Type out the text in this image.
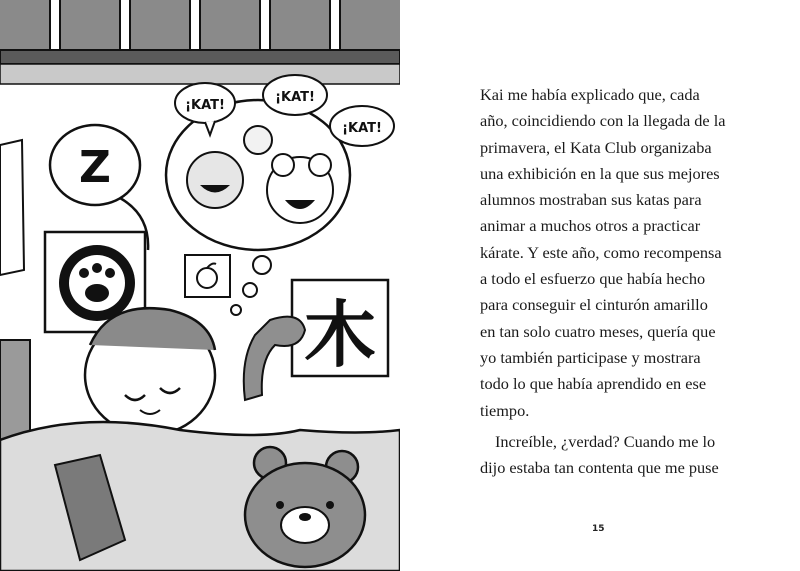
Z
¡KAT!
¡KAT!
¡KAT!
木
Kai me había explicado que, cada
año, coincidiendo con la llegada de la
primavera, el Kata Club organizaba
una exhibición en la que sus mejores
alumnos mostraban sus katas para
animar a muchos otros a practicar
kárate. Y este año, como recompensa
a todo el esfuerzo que había hecho
para conseguir el cinturón amarillo
en tan solo cuatro meses, quería que
yo también participase y mostrara
todo lo que había aprendido en ese
tiempo.
Increíble, ¿verdad? Cuando me lo
dijo estaba tan contenta que me puse
15
